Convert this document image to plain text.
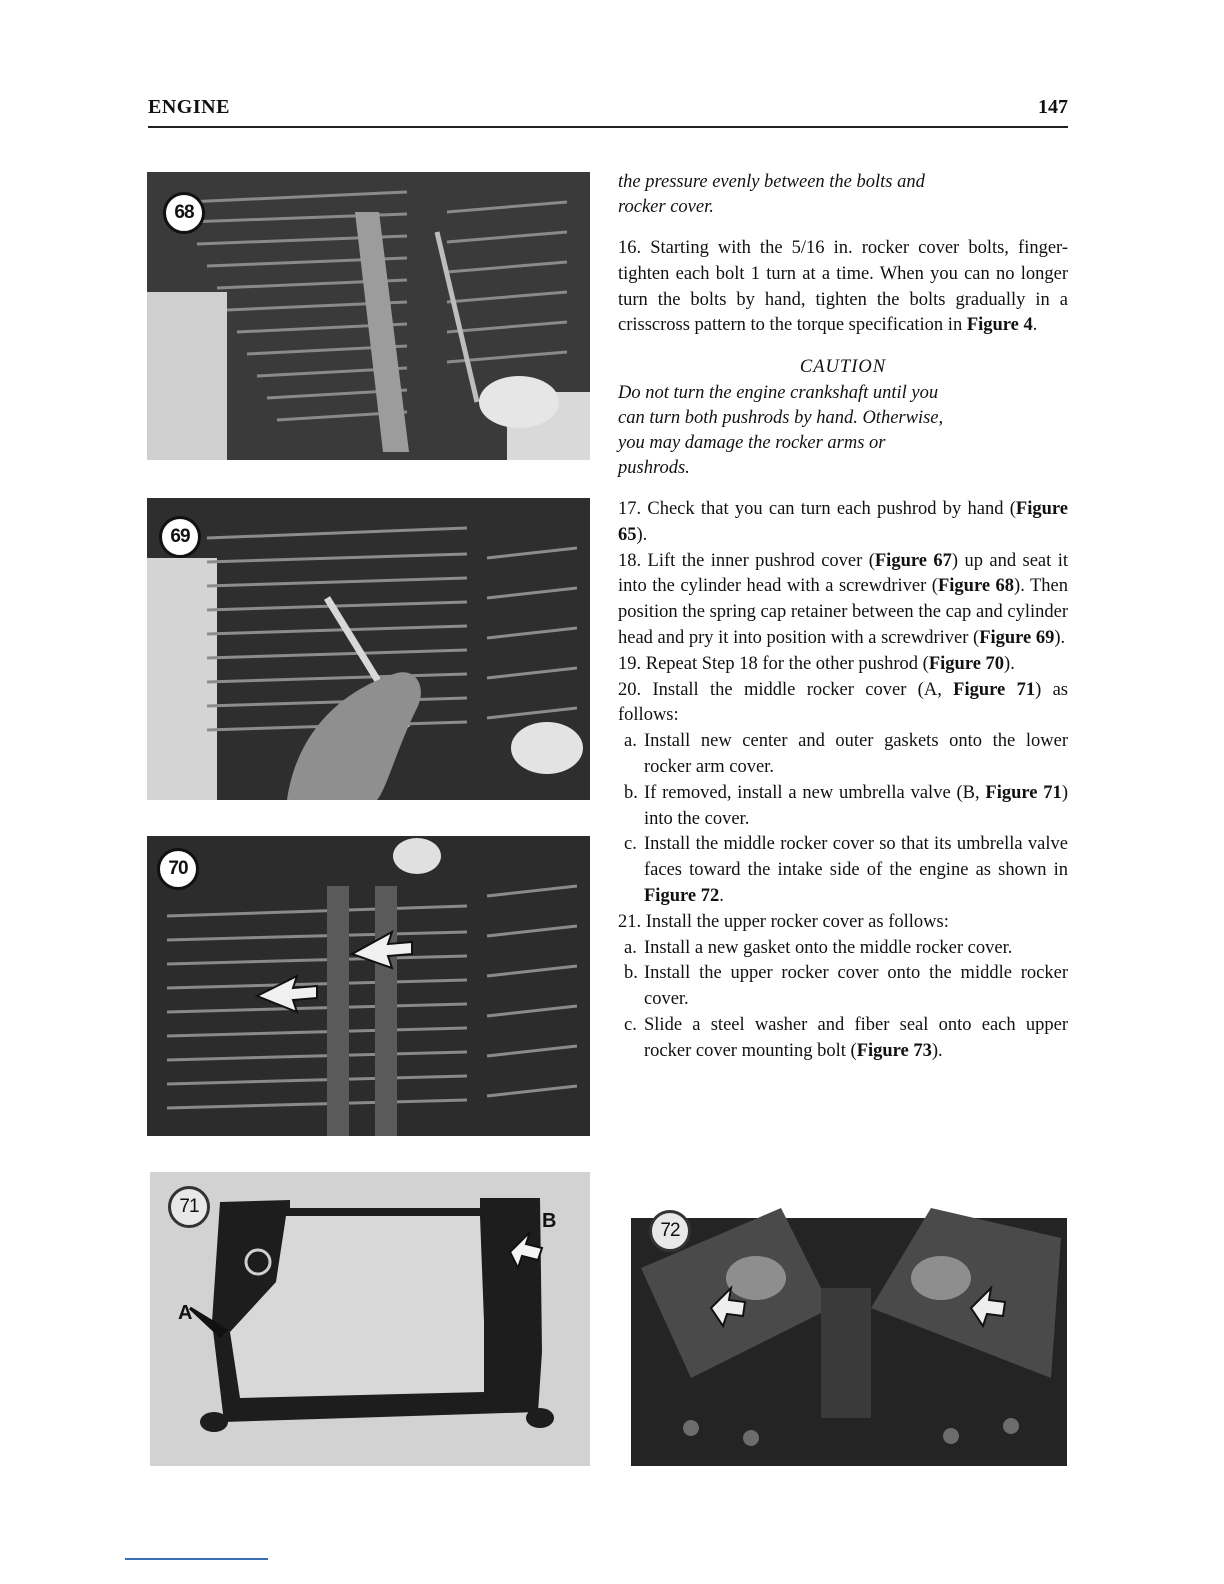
ENGINE	147
68
69
70
71
A
B	72

the pressure evenly between the bolts and rocker cover.

16. Starting with the 5/16 in. rocker cover bolts, finger-tighten each bolt 1 turn at a time. When you can no longer turn the bolts by hand, tighten the bolts gradually in a crisscross pattern to the torque specification in Figure 4.

CAUTION

Do not turn the engine crankshaft until you can turn both pushrods by hand. Otherwise, you may damage the rocker arms or pushrods.

17. Check that you can turn each pushrod by hand (Figure 65).

18. Lift the inner pushrod cover (Figure 67) up and seat it into the cylinder head with a screwdriver (Figure 68). Then position the spring cap retainer between the cap and cylinder head and pry it into position with a screwdriver (Figure 69).

19. Repeat Step 18 for the other pushrod (Figure 70).

20. Install the middle rocker cover (A, Figure 71) as follows:

a. Install new center and outer gaskets onto the lower rocker arm cover.
b. If removed, install a new umbrella valve (B, Figure 71) into the cover.
c. Install the middle rocker cover so that its umbrella valve faces toward the intake side of the engine as shown in Figure 72.

21. Install the upper rocker cover as follows:

a. Install a new gasket onto the middle rocker cover.
b. Install the upper rocker cover onto the middle rocker cover.
c. Slide a steel washer and fiber seal onto each upper rocker cover mounting bolt (Figure 73).
